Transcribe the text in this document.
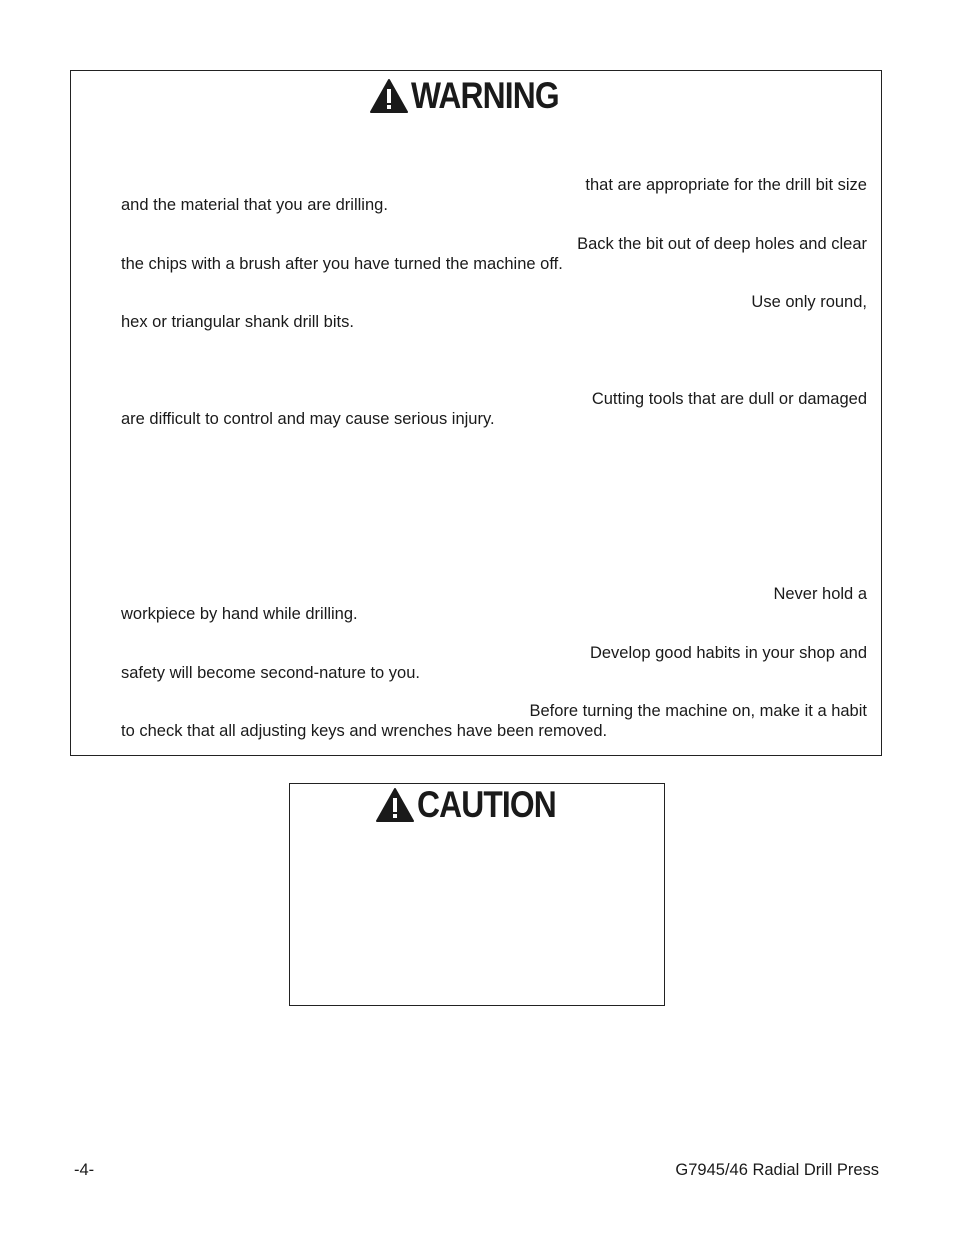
WARNING
that are appropriate for the drill bit size
and the material that you are drilling.
Back the bit out of deep holes and clear
the chips with a brush after you have turned the machine off.
Use only round,
hex or triangular shank drill bits.
Cutting tools that are dull or damaged
are difficult to control and may cause serious injury.
Never hold a
workpiece by hand while drilling.
Develop good habits in your shop and
safety will become second-nature to you.
Before turning the machine on, make it a habit
to check that all adjusting keys and wrenches have been removed.
CAUTION
-4-	G7945/46 Radial Drill Press
